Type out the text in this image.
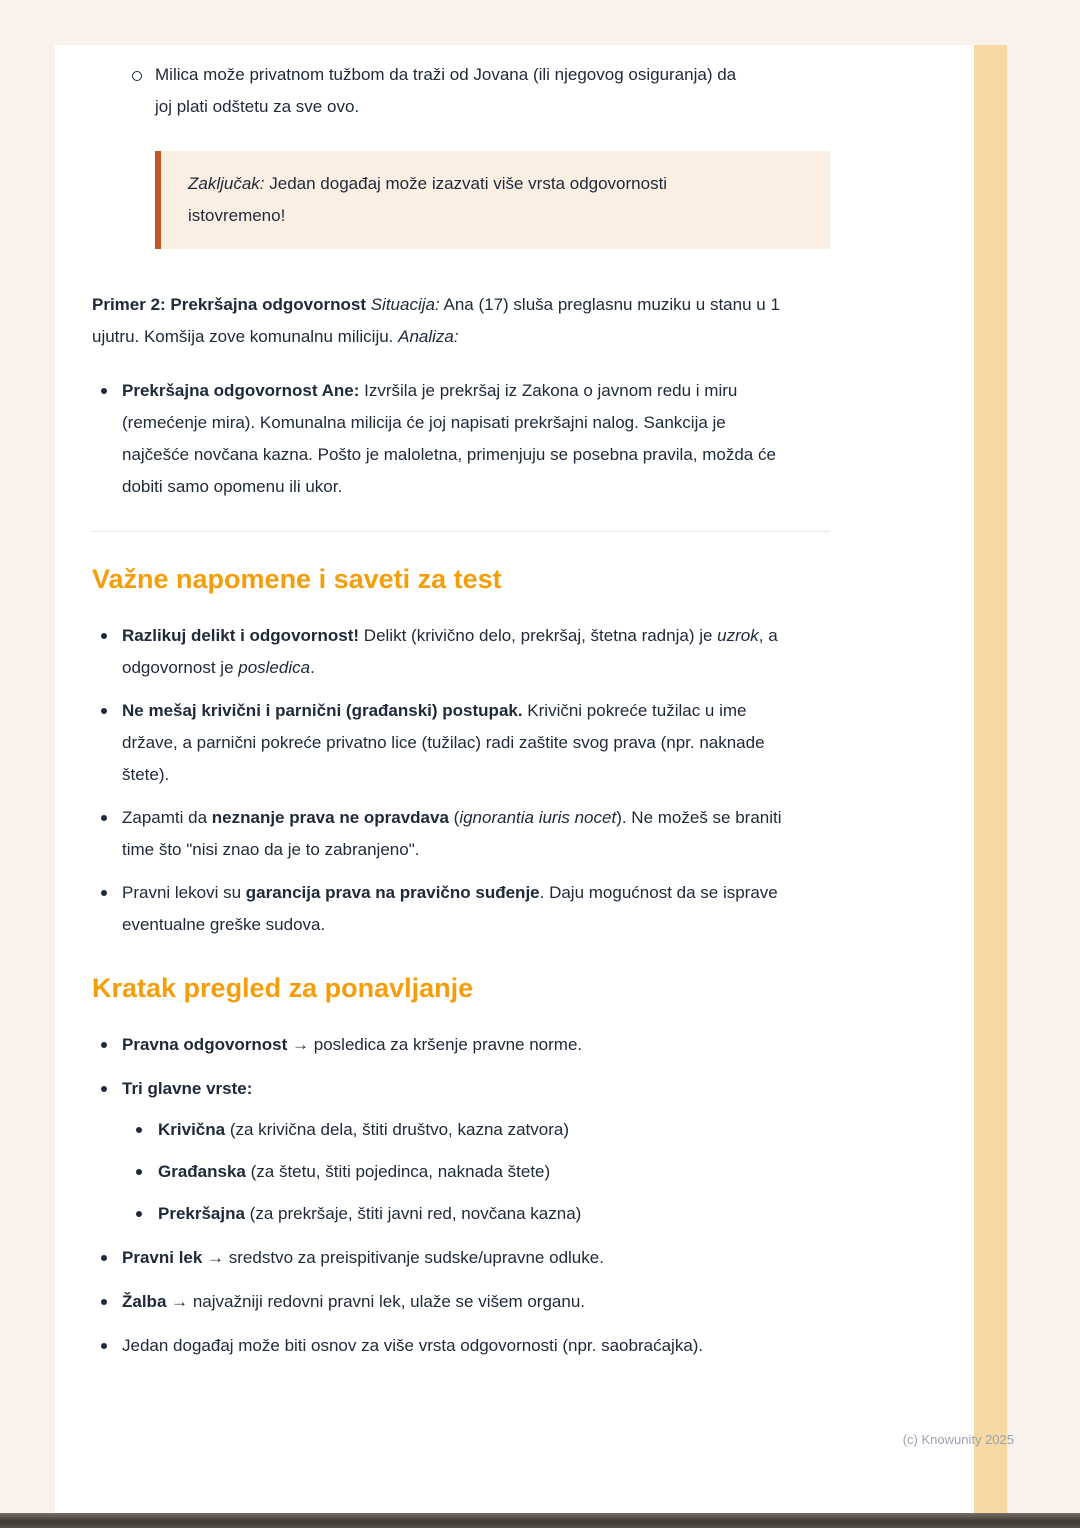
Milica može privatnom tužbom da traži od Jovana (ili njegovog osiguranja) da joj plati odštetu za sve ovo.

Zaključak: Jedan događaj može izazvati više vrsta odgovornosti istovremeno!

Primer 2: Prekršajna odgovornost Situacija: Ana (17) sluša preglasnu muziku u stanu u 1 ujutru. Komšija zove komunalnu miliciju. Analiza:

Prekršajna odgovornost Ane: Izvršila je prekršaj iz Zakona o javnom redu i miru (remećenje mira). Komunalna milicija će joj napisati prekršajni nalog. Sankcija je najčešće novčana kazna. Pošto je maloletna, primenjuju se posebna pravila, možda će dobiti samo opomenu ili ukor.
Važne napomene i saveti za test
Razlikuj delikt i odgovornost! Delikt (krivično delo, prekršaj, štetna radnja) je uzrok, a odgovornost je posledica.
Ne mešaj krivični i parnični (građanski) postupak. Krivični pokreće tužilac u ime države, a parnični pokreće privatno lice (tužilac) radi zaštite svog prava (npr. naknade štete).
Zapamti da neznanje prava ne opravdava (ignorantia iuris nocet). Ne možeš se braniti time što "nisi znao da je to zabranjeno".
Pravni lekovi su garancija prava na pravično suđenje. Daju mogućnost da se isprave eventualne greške sudova.
Kratak pregled za ponavljanje
Pravna odgovornost → posledica za kršenje pravne norme.
Tri glavne vrste:
Krivična (za krivična dela, štiti društvo, kazna zatvora)
Građanska (za štetu, štiti pojedinca, naknada štete)
Prekršajna (za prekršaje, štiti javni red, novčana kazna)
Pravni lek → sredstvo za preispitivanje sudske/upravne odluke.
Žalba → najvažniji redovni pravni lek, ulaže se višem organu.
Jedan događaj može biti osnov za više vrsta odgovornosti (npr. saobraćajka).
(c) Knowunity 2025
